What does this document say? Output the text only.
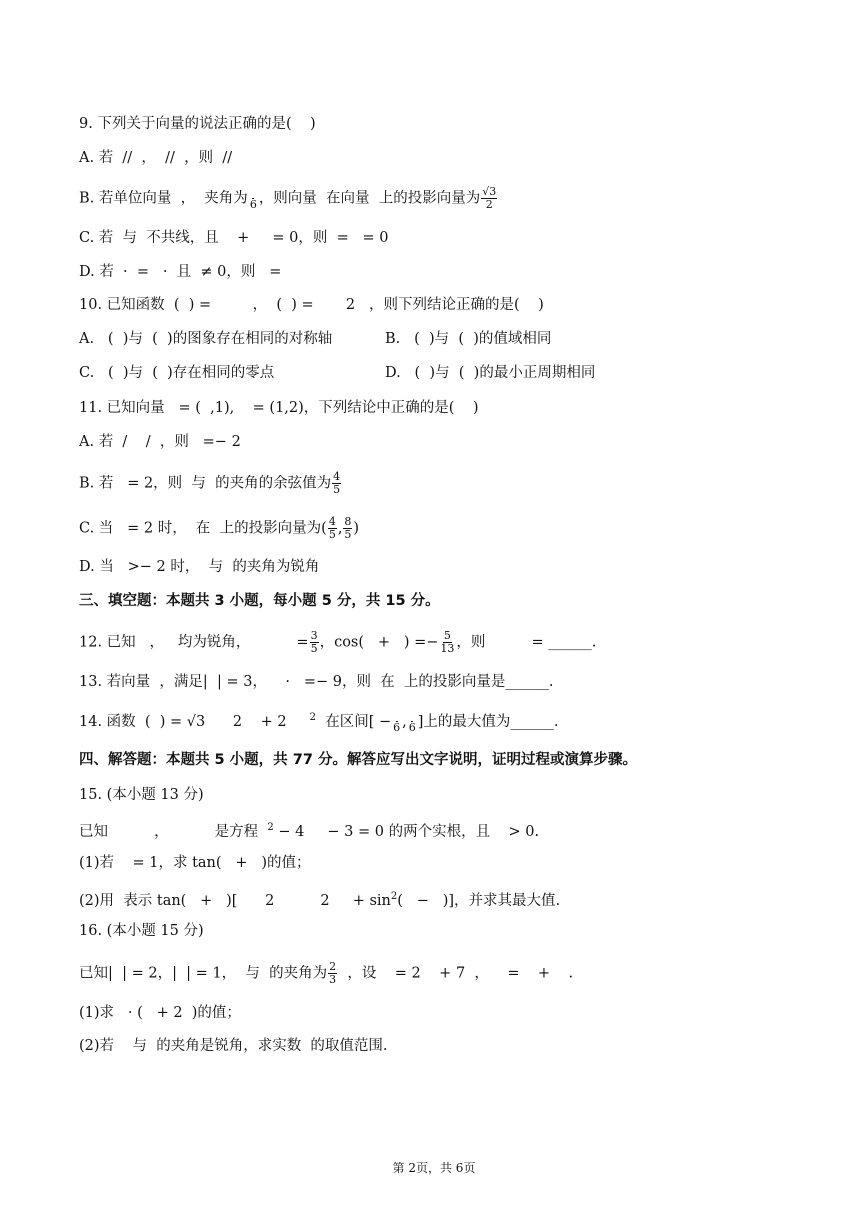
9. 下列关于向量的说法正确的是(    )
A. 若  //  ，  //  ，则  //
B. 若单位向量  ，  夹角为 6 ，则向量  在向量  上的投影向量为 $\frac{√3}{2}$
C. 若  与  不共线，且    +     = 0，则  =   = 0
D. 若  ·  =   ·  且  ≠ 0，则   =
10. 已知函数  (  ) =         ，  (  ) =       2   ，则下列结论正确的是(    )
A.   (  )与  (  )的图象存在相同的对称轴	B.   (  )与  (  )的值域相同
C.   (  )与  (  )存在相同的零点	D.   (  )与  (  )的最小正周期相同
11. 已知向量   = (  ,1),    = (1,2)，下列结论中正确的是(    )
A. 若  /    /  ，则   =− 2
B. 若   = 2，则  与  的夹角的余弦值为 $\frac{4}{5}$
C. 当   = 2 时，  在  上的投影向量为( $\frac{4}{5}$ , $\frac{8}{5}$ )
D. 当   >− 2 时，  与  的夹角为锐角
三、填空题：本题共 3 小题，每小题 5 分，共 15 分。
12. 已知   ，   均为锐角，          = $\frac{3}{5}$ ，cos(   +   ) =− $\frac{5}{13}$ ，则          = ______.
13. 若向量  ，满足|  | = 3，    ·   =− 9，则  在  上的投影向量是______.
14. 函数  (  ) = √3      2    + 2     $^2$  在区间[ − 6 , 6 ]上的最大值为______.
四、解答题：本题共 5 小题，共 77 分。解答应写出文字说明，证明过程或演算步骤。
15. (本小题 13 分)
已知          ，          是方程  $^2$ − 4     − 3 = 0 的两个实根，且    > 0.
(1)若    = 1，求 tan(   +   )的值；
(2)用  表示 tan(   +   )[      2          2     + $\sin^2$(   −   )]，并求其最大值.
16. (本小题 15 分)
已知|  | = 2，|  | = 1，  与  的夹角为 $\frac{2}{3}$ ，设    = 2    + 7  ，    =    +    .
(1)求   · (   + 2  )的值；
(2)若    与  的夹角是锐角，求实数  的取值范围.
第 2页，共 6页
